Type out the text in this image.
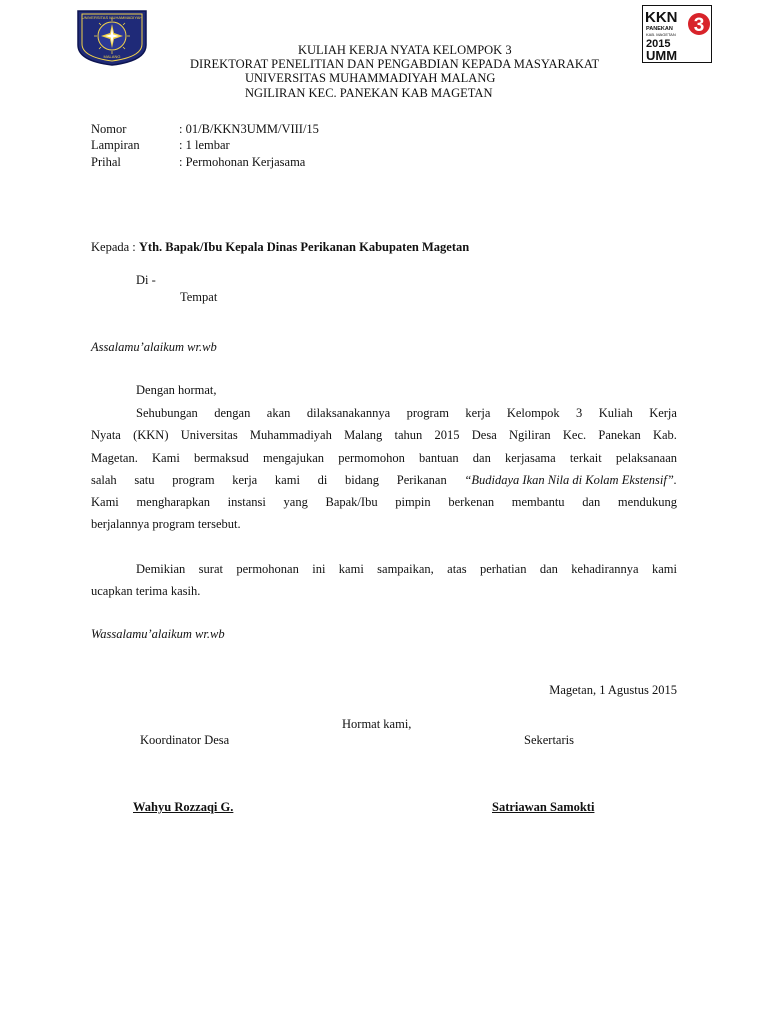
UNIVERSITAS MUHAMMADIYAH
MALANG	KULIAH KERJA NYATA KELOMPOK 3
DIREKTORAT PENELITIAN DAN PENGABDIAN KEPADA MASYARAKAT
UNIVERSITAS MUHAMMADIYAH MALANG
NGILIRAN KEC. PANEKAN KAB MAGETAN
KKN 3
PANEKAN
KAB. MAGETAN
2015
UMM
Nomor	: 01/B/KKN3UMM/VIII/15
Lampiran	: 1 lembar
Prihal	: Permohonan Kerjasama
Kepada : Yth. Bapak/Ibu Kepala Dinas Perikanan Kabupaten Magetan
Di -
Tempat
Assalamu’alaikum wr.wb
Dengan hormat,
Sehubungan dengan akan dilaksanakannya program kerja Kelompok 3 Kuliah Kerja
Nyata (KKN) Universitas Muhammadiyah Malang tahun 2015 Desa Ngiliran Kec. Panekan Kab.
Magetan. Kami bermaksud mengajukan permomohon bantuan dan kerjasama terkait pelaksanaan
salah satu program kerja kami di bidang Perikanan “Budidaya Ikan Nila di Kolam Ekstensif”.
Kami mengharapkan instansi yang Bapak/Ibu pimpin berkenan membantu dan mendukung
berjalannya program tersebut.
Demikian surat permohonan ini kami sampaikan, atas perhatian dan kehadirannya kami
ucapkan terima kasih.
Wassalamu’alaikum wr.wb
Magetan, 1 Agustus 2015
Hormat kami,
Koordinator Desa	Sekertaris
Wahyu Rozzaqi G.	Satriawan Samokti
